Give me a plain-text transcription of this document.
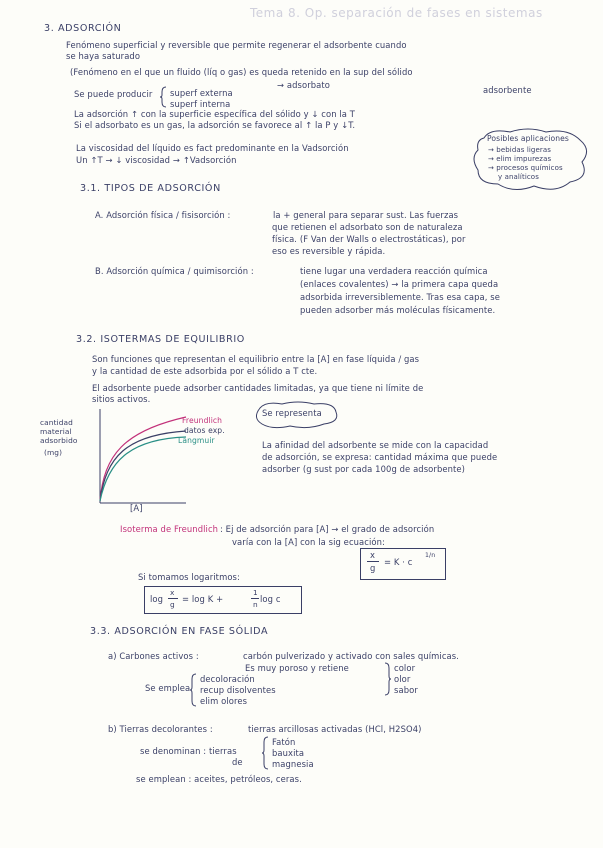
Tema 8. Op. separación de fases en sistemas
3. ADSORCIÓN
Fenómeno superficial y reversible que permite regenerar el adsorbente cuando
se haya saturado
(Fenómeno en el que un fluido (líq o gas) es queda retenido en la sup del sólido
→ adsorbato	adsorbente
Se puede producir superf externa
superf interna
La adsorción ↑ con la superficie específica del sólido y ↓ con la T
Si el adsorbato es un gas, la adsorción se favorece al ↑ la P y ↓T.
La viscosidad del líquido es fact predominante en la Vadsorción
Un ↑T → ↓ viscosidad → ↑Vadsorción
Posibles aplicaciones
→ bebidas ligeras
→ elim impurezas
→ procesos químicos
y analíticos
3.1. TIPOS DE ADSORCIÓN
A. Adsorción física / fisisorción :	la + general para separar sust. Las fuerzas
que retienen el adsorbato son de naturaleza
física. (F Van der Walls o electrostáticas), por
eso es reversible y rápida.
B. Adsorción química / quimisorción :	tiene lugar una verdadera reacción química
(enlaces covalentes) → la primera capa queda
adsorbida irreversiblemente. Tras esa capa, se
pueden adsorber más moléculas físicamente.
3.2. ISOTERMAS DE EQUILIBRIO
Son funciones que representan el equilibrio entre la [A] en fase líquida / gas
y la cantidad de este adsorbida por el sólido a T cte.
El adsorbente puede adsorber cantidades limitadas, ya que tiene ni límite de
sitios activos.
cantidad
material
adsorbido
(mg)
[A]
Freundlich
datos exp.
Langmuir
Se representa
La afinidad del adsorbente se mide con la capacidad
de adsorción, se expresa: cantidad máxima que puede
adsorber (g sust por cada 100g de adsorbente)
Isoterma de Freundlich : Ej de adsorción para [A] → el grado de adsorción
varía con la [A] con la sig ecuación:
x
g
= K · c
1/n
Si tomamos logaritmos:
log
x
g
= log K +
1
n
log c
3.3. ADSORCIÓN EN FASE SÓLIDA
a) Carbones activos :	carbón pulverizado y activado con sales químicas.
Es muy poroso y retiene	color
olor
sabor
Se emplea
decoloración
recup disolventes
elim olores
b) Tierras decolorantes :	tierras arcillosas activadas (HCl, H2SO4)
se denominan : tierras
de
Fatón
bauxita
magnesia
se emplean : aceites, petróleos, ceras.
